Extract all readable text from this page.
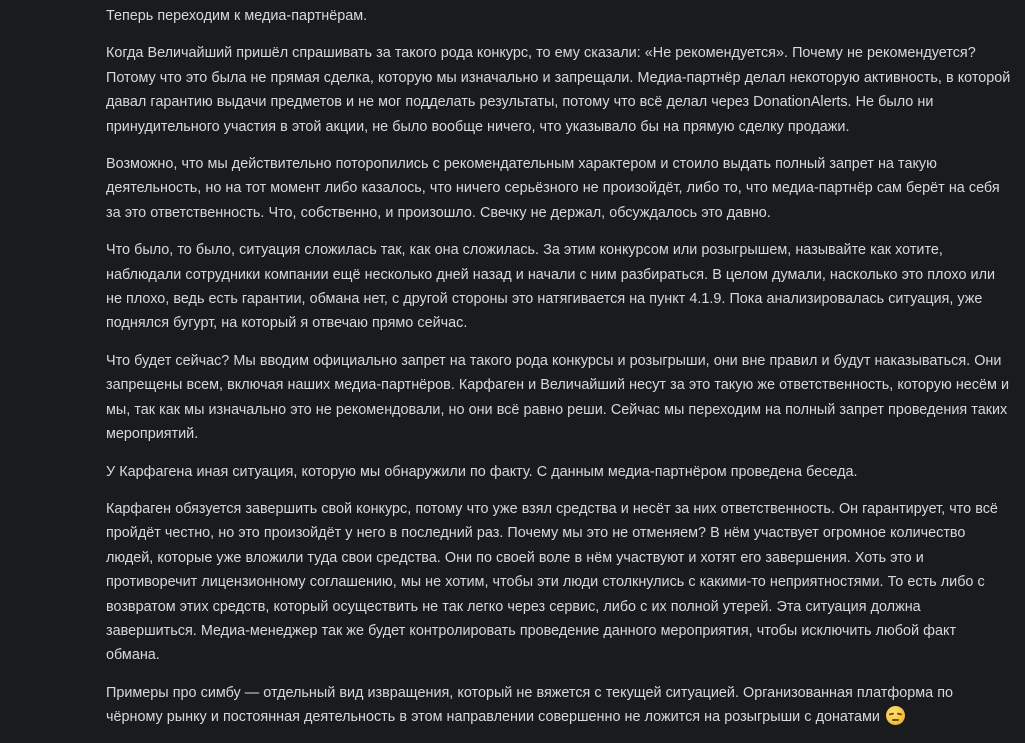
Теперь переходим к медиа-партнёрам.

Когда Величайший пришёл спрашивать за такого рода конкурс, то ему сказали: «Не рекомендуется». Почему не рекомендуется? Потому что это была не прямая сделка, которую мы изначально и запрещали. Медиа-партнёр делал некоторую активность, в которой давал гарантию выдачи предметов и не мог подделать результаты, потому что всё делал через DonationAlerts. Не было ни принудительного участия в этой акции, не было вообще ничего, что указывало бы на прямую сделку продажи.

Возможно, что мы действительно поторопились с рекомендательным характером и стоило выдать полный запрет на такую деятельность, но на тот момент либо казалось, что ничего серьёзного не произойдёт, либо то, что медиа-партнёр сам берёт на себя за это ответственность. Что, собственно, и произошло. Свечку не держал, обсуждалось это давно.

Что было, то было, ситуация сложилась так, как она сложилась. За этим конкурсом или розыгрышем, называйте как хотите, наблюдали сотрудники компании ещё несколько дней назад и начали с ним разбираться. В целом думали, насколько это плохо или не плохо, ведь есть гарантии, обмана нет, с другой стороны это натягивается на пункт 4.1.9. Пока анализировалась ситуация, уже поднялся бугурт, на который я отвечаю прямо сейчас.

Что будет сейчас? Мы вводим официально запрет на такого рода конкурсы и розыгрыши, они вне правил и будут наказываться. Они запрещены всем, включая наших медиа-партнёров. Карфаген и Величайший несут за это такую же ответственность, которую несём и мы, так как мы изначально это не рекомендовали, но они всё равно реши. Сейчас мы переходим на полный запрет проведения таких мероприятий.

У Карфагена иная ситуация, которую мы обнаружили по факту. С данным медиа-партнёром проведена беседа.

Карфаген обязуется завершить свой конкурс, потому что уже взял средства и несёт за них ответственность. Он гарантирует, что всё пройдёт честно, но это произойдёт у него в последний раз. Почему мы это не отменяем? В нём участвует огромное количество людей, которые уже вложили туда свои средства. Они по своей воле в нём участвуют и хотят его завершения. Хоть это и противоречит лицензионному соглашению, мы не хотим, чтобы эти люди столкнулись с какими-то неприятностями. То есть либо с возвратом этих средств, который осуществить не так легко через сервис, либо с их полной утерей. Эта ситуация должна завершиться. Медиа-менеджер так же будет контролировать проведение данного мероприятия, чтобы исключить любой факт обмана.

Примеры про симбу — отдельный вид извращения, который не вяжется с текущей ситуацией. Организованная платформа по чёрному рынку и постоянная деятельность в этом направлении совершенно не ложится на розыгрыши с донатами
